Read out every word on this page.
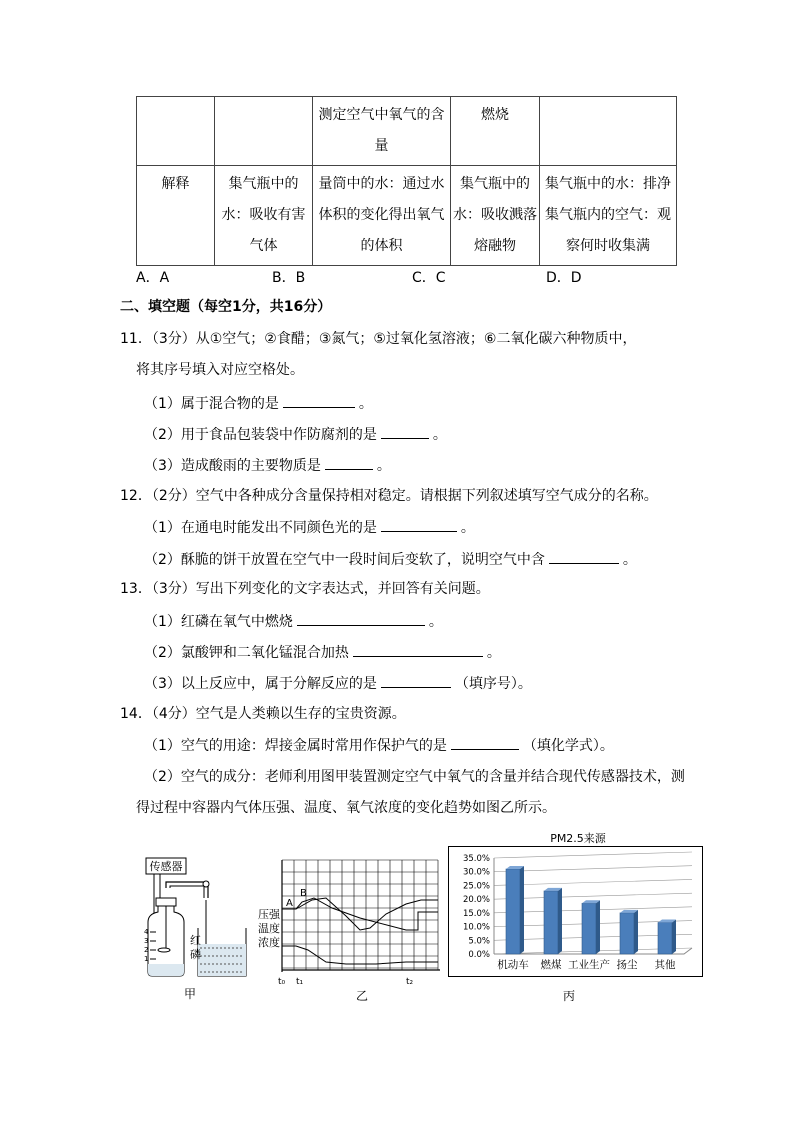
		测定空气中氧气的含量	燃烧	
解释	集气瓶中的水：吸收有害气体	量筒中的水：通过水体积的变化得出氧气的体积	集气瓶中的水：吸收溅落熔融物	集气瓶中的水：排净集气瓶内的空气：观察何时收集满
A．A	B．B	C．C	D．D
二、填空题（每空1分，共16分）
11．（3分）从①空气；②食醋；③氮气；⑤过氧化氢溶液；⑥二氧化碳六种物质中，
将其序号填入对应空格处。
（1）属于混合物的是	。
（2）用于食品包装袋中作防腐剂的是	。
（3）造成酸雨的主要物质是	。
12．（2分）空气中各种成分含量保持相对稳定。请根据下列叙述填写空气成分的名称。
（1）在通电时能发出不同颜色光的是	。
（2）酥脆的饼干放置在空气中一段时间后变软了，说明空气中含	。
13．（3分）写出下列变化的文字表达式，并回答有关问题。
（1）红磷在氧气中燃烧	。
（2）氯酸钾和二氧化锰混合加热	。
（3）以上反应中，属于分解反应的是	（填序号）。
14．（4分）空气是人类赖以生存的宝贵资源。
（1）空气的用途：焊接金属时常用作保护气的是	（填化学式）。
（2）空气的成分：老师利用图甲装置测定空气中氧气的含量并结合现代传感器技术，测
得过程中容器内气体压强、温度、氧气浓度的变化趋势如图乙所示。
传感器
4
3
2
1
红
磷
甲
压强
温度
浓度
A
B
t₀ t₁	t₂
乙
PM2.5来源
0.0%
5.0%
10.0%
15.0%
20.0%
25.0%
30.0%
35.0%
机动车 燃煤 工业生产 扬尘 其他
丙
